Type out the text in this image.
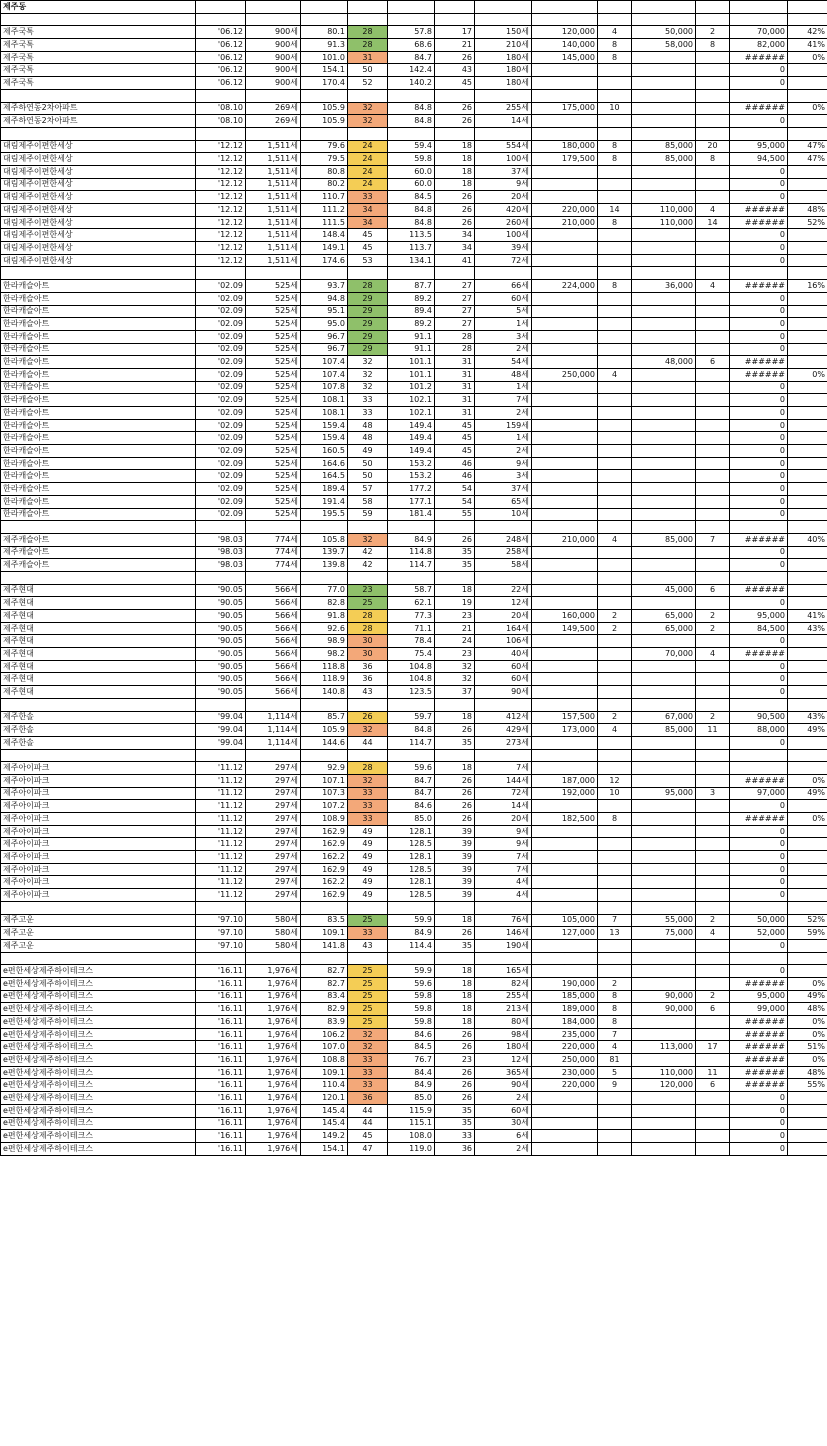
제주동													

제주국톡	'06.12	900세	80.1	28	57.8	17	150세	120,000	4	50,000	2	70,000	42%
제주국톡	'06.12	900세	91.3	28	68.6	21	210세	140,000	8	58,000	8	82,000	41%
제주국톡	'06.12	900세	101.0	31	84.7	26	180세	145,000	8			######	0%
제주국톡	'06.12	900세	154.1	50	142.4	43	180세					0	
제주국톡	'06.12	900세	170.4	52	140.2	45	180세					0	

제주하연동2차아파트	'08.10	269세	105.9	32	84.8	26	255세	175,000	10			######	0%
제주하연동2차아파트	'08.10	269세	105.9	32	84.8	26	14세					0	

대림제주이편한세상	'12.12	1,511세	79.6	24	59.4	18	554세	180,000	8	85,000	20	95,000	47%
대림제주이편한세상	'12.12	1,511세	79.5	24	59.8	18	100세	179,500	8	85,000	8	94,500	47%
대림제주이편한세상	'12.12	1,511세	80.8	24	60.0	18	37세					0	
대림제주이편한세상	'12.12	1,511세	80.2	24	60.0	18	9세					0	
대림제주이편한세상	'12.12	1,511세	110.7	33	84.5	26	20세					0	
대림제주이편한세상	'12.12	1,511세	111.2	34	84.8	26	420세	220,000	14	110,000	4	######	48%
대림제주이편한세상	'12.12	1,511세	111.5	34	84.8	26	260세	210,000	8	110,000	14	######	52%
대림제주이편한세상	'12.12	1,511세	148.4	45	113.5	34	100세					0	
대림제주이편한세상	'12.12	1,511세	149.1	45	113.7	34	39세					0	
대림제주이편한세상	'12.12	1,511세	174.6	53	134.1	41	72세					0	

한라캐슬아트	'02.09	525세	93.7	28	87.7	27	66세	224,000	8	36,000	4	######	16%
한라캐슬아트	'02.09	525세	94.8	29	89.2	27	60세					0	
한라캐슬아트	'02.09	525세	95.1	29	89.4	27	5세					0	
한라캐슬아트	'02.09	525세	95.0	29	89.2	27	1세					0	
한라캐슬아트	'02.09	525세	96.7	29	91.1	28	3세					0	
한라캐슬아트	'02.09	525세	96.7	29	91.1	28	2세					0	
한라캐슬아트	'02.09	525세	107.4	32	101.1	31	54세			48,000	6	######	
한라캐슬아트	'02.09	525세	107.4	32	101.1	31	48세	250,000	4			######	0%
한라캐슬아트	'02.09	525세	107.8	32	101.2	31	1세					0	
한라캐슬아트	'02.09	525세	108.1	33	102.1	31	7세					0	
한라캐슬아트	'02.09	525세	108.1	33	102.1	31	2세					0	
한라캐슬아트	'02.09	525세	159.4	48	149.4	45	159세					0	
한라캐슬아트	'02.09	525세	159.4	48	149.4	45	1세					0	
한라캐슬아트	'02.09	525세	160.5	49	149.4	45	2세					0	
한라캐슬아트	'02.09	525세	164.6	50	153.2	46	9세					0	
한라캐슬아트	'02.09	525세	164.5	50	153.2	46	3세					0	
한라캐슬아트	'02.09	525세	189.4	57	177.2	54	37세					0	
한라캐슬아트	'02.09	525세	191.4	58	177.1	54	65세					0	
한라캐슬아트	'02.09	525세	195.5	59	181.4	55	10세					0	

제주캐슬아트	'98.03	774세	105.8	32	84.9	26	248세	210,000	4	85,000	7	######	40%
제주캐슬아트	'98.03	774세	139.7	42	114.8	35	258세					0	
제주캐슬아트	'98.03	774세	139.8	42	114.7	35	58세					0	

제주현대	'90.05	566세	77.0	23	58.7	18	22세			45,000	6	######	
제주현대	'90.05	566세	82.8	25	62.1	19	12세					0	
제주현대	'90.05	566세	91.8	28	77.3	23	20세	160,000	2	65,000	2	95,000	41%
제주현대	'90.05	566세	92.6	28	71.1	21	164세	149,500	2	65,000	2	84,500	43%
제주현대	'90.05	566세	98.9	30	78.4	24	106세					0	
제주현대	'90.05	566세	98.2	30	75.4	23	40세			70,000	4	######	
제주현대	'90.05	566세	118.8	36	104.8	32	60세					0	
제주현대	'90.05	566세	118.9	36	104.8	32	60세					0	
제주현대	'90.05	566세	140.8	43	123.5	37	90세					0	

제주한솔	'99.04	1,114세	85.7	26	59.7	18	412세	157,500	2	67,000	2	90,500	43%
제주한솔	'99.04	1,114세	105.9	32	84.8	26	429세	173,000	4	85,000	11	88,000	49%
제주한솔	'99.04	1,114세	144.6	44	114.7	35	273세					0	

제주아이파크	'11.12	297세	92.9	28	59.6	18	7세						
제주아이파크	'11.12	297세	107.1	32	84.7	26	144세	187,000	12			######	0%
제주아이파크	'11.12	297세	107.3	33	84.7	26	72세	192,000	10	95,000	3	97,000	49%
제주아이파크	'11.12	297세	107.2	33	84.6	26	14세					0	
제주아이파크	'11.12	297세	108.9	33	85.0	26	20세	182,500	8			######	0%
제주아이파크	'11.12	297세	162.9	49	128.1	39	9세					0	
제주아이파크	'11.12	297세	162.9	49	128.5	39	9세					0	
제주아이파크	'11.12	297세	162.2	49	128.1	39	7세					0	
제주아이파크	'11.12	297세	162.9	49	128.5	39	7세					0	
제주아이파크	'11.12	297세	162.2	49	128.1	39	4세					0	
제주아이파크	'11.12	297세	162.9	49	128.5	39	4세					0	

제주고운	'97.10	580세	83.5	25	59.9	18	76세	105,000	7	55,000	2	50,000	52%
제주고운	'97.10	580세	109.1	33	84.9	26	146세	127,000	13	75,000	4	52,000	59%
제주고운	'97.10	580세	141.8	43	114.4	35	190세					0	

e편한세상제주하이테크스	'16.11	1,976세	82.7	25	59.9	18	165세					0	
e편한세상제주하이테크스	'16.11	1,976세	82.7	25	59.6	18	82세	190,000	2			######	0%
e편한세상제주하이테크스	'16.11	1,976세	83.4	25	59.8	18	255세	185,000	8	90,000	2	95,000	49%
e편한세상제주하이테크스	'16.11	1,976세	82.9	25	59.8	18	213세	189,000	8	90,000	6	99,000	48%
e편한세상제주하이테크스	'16.11	1,976세	83.9	25	59.8	18	80세	184,000	8			######	0%
e편한세상제주하이테크스	'16.11	1,976세	106.2	32	84.6	26	98세	235,000	7			######	0%
e편한세상제주하이테크스	'16.11	1,976세	107.0	32	84.5	26	180세	220,000	4	113,000	17	######	51%
e편한세상제주하이테크스	'16.11	1,976세	108.8	33	76.7	23	12세	250,000	81			######	0%
e편한세상제주하이테크스	'16.11	1,976세	109.1	33	84.4	26	365세	230,000	5	110,000	11	######	48%
e편한세상제주하이테크스	'16.11	1,976세	110.4	33	84.9	26	90세	220,000	9	120,000	6	######	55%
e편한세상제주하이테크스	'16.11	1,976세	120.1	36	85.0	26	2세					0	
e편한세상제주하이테크스	'16.11	1,976세	145.4	44	115.9	35	60세					0	
e편한세상제주하이테크스	'16.11	1,976세	145.4	44	115.1	35	30세					0	
e편한세상제주하이테크스	'16.11	1,976세	149.2	45	108.0	33	6세					0	
e편한세상제주하이테크스	'16.11	1,976세	154.1	47	119.0	36	2세					0	
